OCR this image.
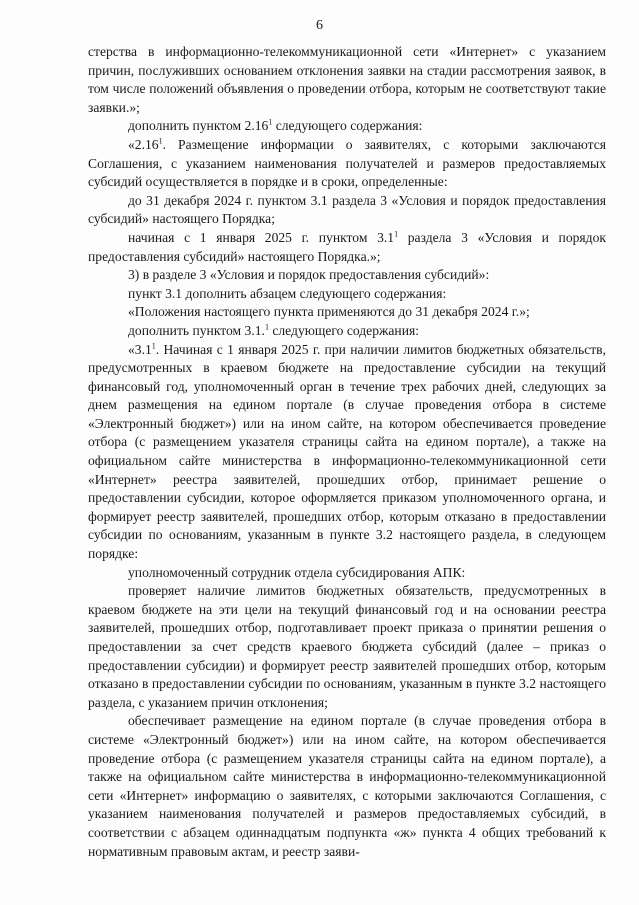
6

стерства в информационно-телекоммуникационной сети «Интернет» с указанием причин, послуживших основанием отклонения заявки на стадии рассмотрения заявок, в том числе положений объявления о проведении отбора, которым не соответствуют такие заявки.»;

дополнить пунктом 2.16$^1$ следующего содержания:

«2.16$^1$. Размещение информации о заявителях, с которыми заключаются Соглашения, с указанием наименования получателей и размеров предоставляемых субсидий осуществляется в порядке и в сроки, определенные:

до 31 декабря 2024 г. пунктом 3.1 раздела 3 «Условия и порядок предоставления субсидий» настоящего Порядка;

начиная с 1 января 2025 г. пунктом $3.1^1$ раздела 3 «Условия и порядок предоставления субсидий» настоящего Порядка.»;

3) в разделе 3 «Условия и порядок предоставления субсидий»:

пункт 3.1 дополнить абзацем следующего содержания:

«Положения настоящего пункта применяются до 31 декабря 2024 г.»;

дополнить пунктом 3.1.$^1$ следующего содержания:

«$3.1^1$. Начиная с 1 января 2025 г. при наличии лимитов бюджетных обязательств, предусмотренных в краевом бюджете на предоставление субсидии на текущий финансовый год, уполномоченный орган в течение трех рабочих дней, следующих за днем размещения на едином портале (в случае проведения отбора в системе «Электронный бюджет») или на ином сайте, на котором обеспечивается проведение отбора (с размещением указателя страницы сайта на едином портале), а также на официальном сайте министерства в информационно-телекоммуникационной сети «Интернет» реестра заявителей, прошедших отбор, принимает решение о предоставлении субсидии, которое оформляется приказом уполномоченного органа, и формирует реестр заявителей, прошедших отбор, которым отказано в предоставлении субсидии по основаниям, указанным в пункте 3.2 настоящего раздела, в следующем порядке:

уполномоченный сотрудник отдела субсидирования АПК:

проверяет наличие лимитов бюджетных обязательств, предусмотренных в краевом бюджете на эти цели на текущий финансовый год и на основании реестра заявителей, прошедших отбор, подготавливает проект приказа о принятии решения о предоставлении за счет средств краевого бюджета субсидий (далее – приказ о предоставлении субсидии) и формирует реестр заявителей прошедших отбор, которым отказано в предоставлении субсидии по основаниям, указанным в пункте 3.2 настоящего раздела, с указанием причин отклонения;

обеспечивает размещение на едином портале (в случае проведения отбора в системе «Электронный бюджет») или на ином сайте, на котором обеспечивается проведение отбора (с размещением указателя страницы сайта на едином портале), а также на официальном сайте министерства в информационно-телекоммуникационной сети «Интернет» информацию о заявителях, с которыми заключаются Соглашения, с указанием наименования получателей и размеров предоставляемых субсидий, в соответствии с абзацем одиннадцатым подпункта «ж» пункта 4 общих требований к нормативным правовым актам, и реестр заяви-
